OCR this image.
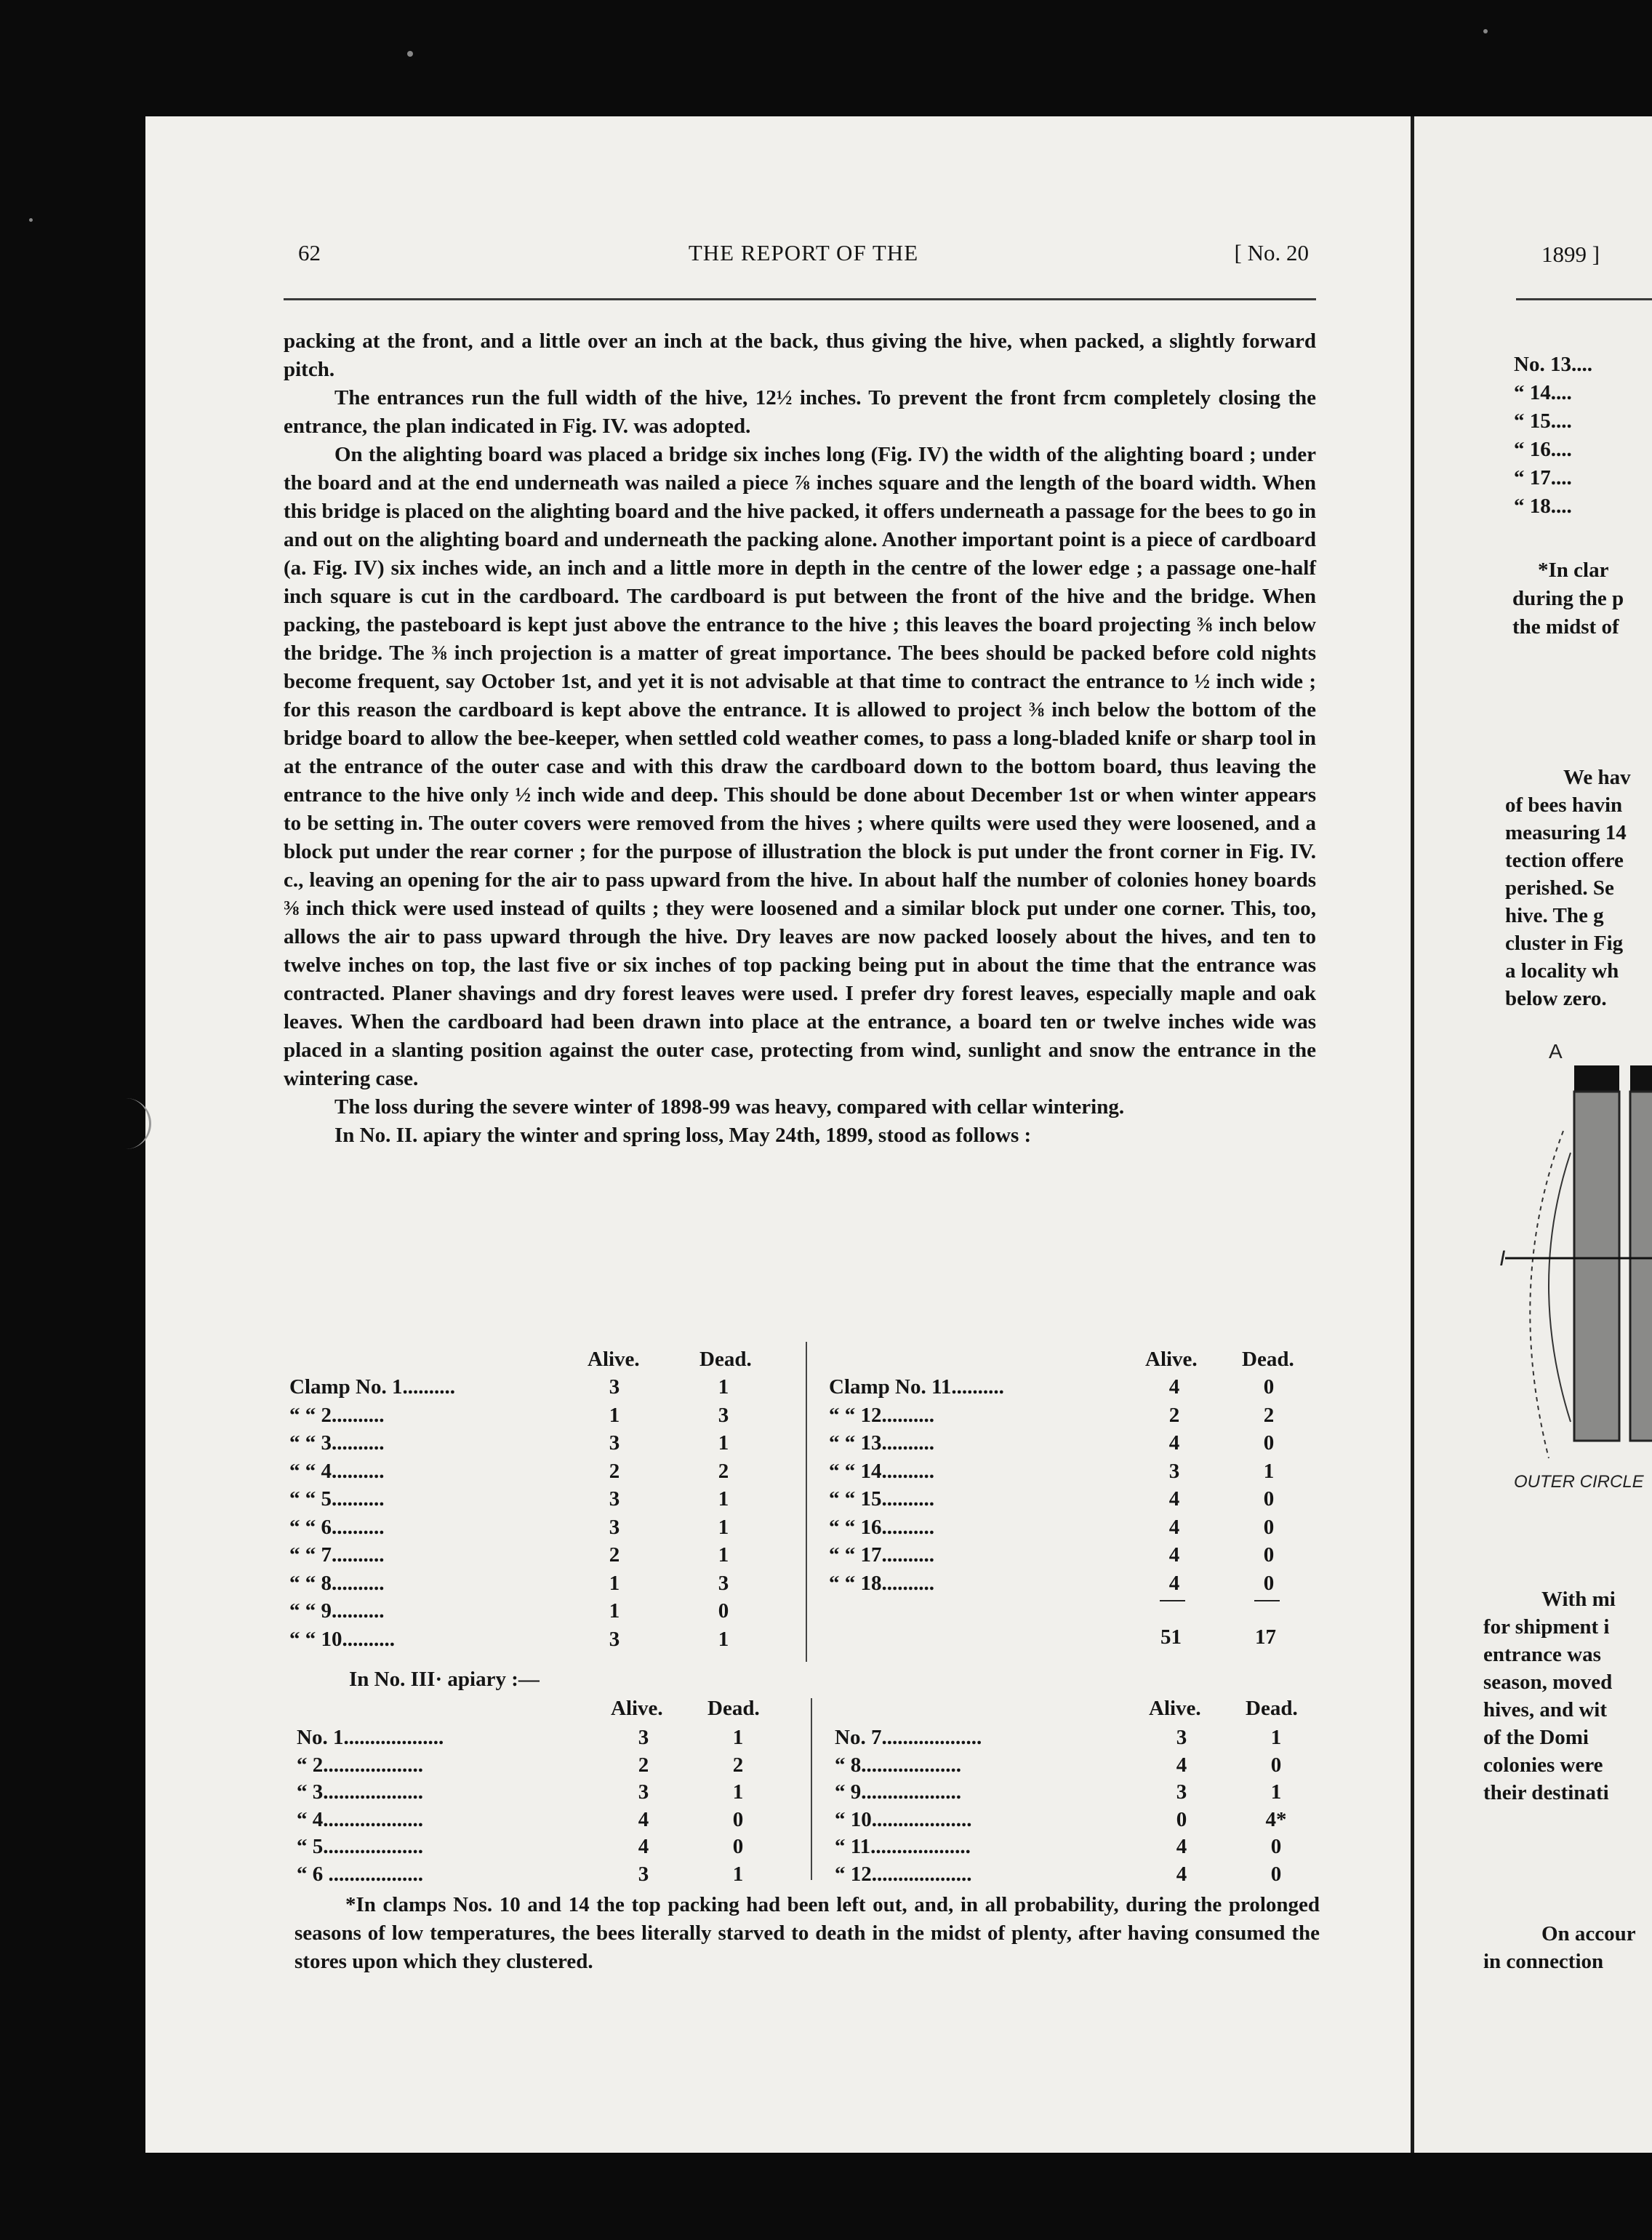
62	THE REPORT OF THE	[ No. 20

packing at the front, and a little over an inch at the back, thus giving the hive, when packed, a slightly forward pitch.

The entrances run the full width of the hive, 12½ inches. To prevent the front frcm completely closing the entrance, the plan indicated in Fig. IV. was adopted.

On the alighting board was placed a bridge six inches long (Fig. IV) the width of the alighting board ; under the board and at the end underneath was nailed a piece ⅞ inches square and the length of the board width. When this bridge is placed on the alighting board and the hive packed, it offers underneath a passage for the bees to go in and out on the alighting board and underneath the packing alone. Another important point is a piece of cardboard (a. Fig. IV) six inches wide, an inch and a little more in depth in the centre of the lower edge ; a passage one-half inch square is cut in the cardboard. The cardboard is put between the front of the hive and the bridge. When packing, the pasteboard is kept just above the entrance to the hive ; this leaves the board projecting ⅜ inch below the bridge. The ⅜ inch projection is a matter of great importance. The bees should be packed before cold nights become frequent, say October 1st, and yet it is not advisable at that time to contract the entrance to ½ inch wide ; for this reason the cardboard is kept above the entrance. It is allowed to project ⅜ inch below the bottom of the bridge board to allow the bee-keeper, when settled cold weather comes, to pass a long-bladed knife or sharp tool in at the entrance of the outer case and with this draw the cardboard down to the bottom board, thus leaving the entrance to the hive only ½ inch wide and deep. This should be done about December 1st or when winter appears to be setting in. The outer covers were removed from the hives ; where quilts were used they were loosened, and a block put under the rear corner ; for the purpose of illustration the block is put under the front corner in Fig. IV. c., leaving an opening for the air to pass upward from the hive. In about half the number of colonies honey boards ⅜ inch thick were used instead of quilts ; they were loosened and a similar block put under one corner. This, too, allows the air to pass upward through the hive. Dry leaves are now packed loosely about the hives, and ten to twelve inches on top, the last five or six inches of top packing being put in about the time that the entrance was contracted. Planer shavings and dry forest leaves were used. I prefer dry forest leaves, especially maple and oak leaves. When the cardboard had been drawn into place at the entrance, a board ten or twelve inches wide was placed in a slanting position against the outer case, protecting from wind, sunlight and snow the entrance in the wintering case.

The loss during the severe winter of 1898-99 was heavy, compared with cellar wintering.

In No. II. apiary the winter and spring loss, May 24th, 1899, stood as follows :

Alive.	Dead.	Alive. Dead.
Clamp No. 1..........	3	1
“ “ 2..........	1	3
“ “ 3..........	3	1
“ “ 4..........	2	2
“ “ 5..........	3	1
“ “ 6..........	3	1
“ “ 7..........	2	1
“ “ 8..........	1	3
“ “ 9..........	1	0
“ “ 10..........	3	1
Clamp No. 11..........	4	0
“ “ 12..........	2	2
“ “ 13..........	4	0
“ “ 14..........	3	1
“ “ 15..........	4	0
“ “ 16..........	4	0
“ “ 17..........	4	0
“ “ 18..........	4	0
51	17
In No. III· apiary :—
Alive. Dead.	Alive. Dead.
No. 1...................	3	1
“ 2...................	2	2
“ 3...................	3	1
“ 4...................	4	0
“ 5...................	4	0
“ 6 ..................	3	1
No. 7...................	3	1
“ 8...................	4	0
“ 9...................	3	1
“ 10...................	0	4*
“ 11...................	4	0
“ 12...................	4	0

*In clamps Nos. 10 and 14 the top packing had been left out, and, in all probability, during the prolonged seasons of low temperatures, the bees literally starved to death in the midst of plenty, after having consumed the stores upon which they clustered.

1899 ]
No. 13....
“ 14....
“ 15....
“ 16....
“ 17....
“ 18....
*In clar
during the p
the midst of
We hav
of bees havin
measuring 14
tection offere
perished. Se
hive. The g
cluster in Fig
a locality wh
below zero.
With mi
for shipment i
entrance was
season, moved
hives, and wit
of the Domi
colonies were
their destinati
On accour
in connection
A
I
OUTER CIRCLE
